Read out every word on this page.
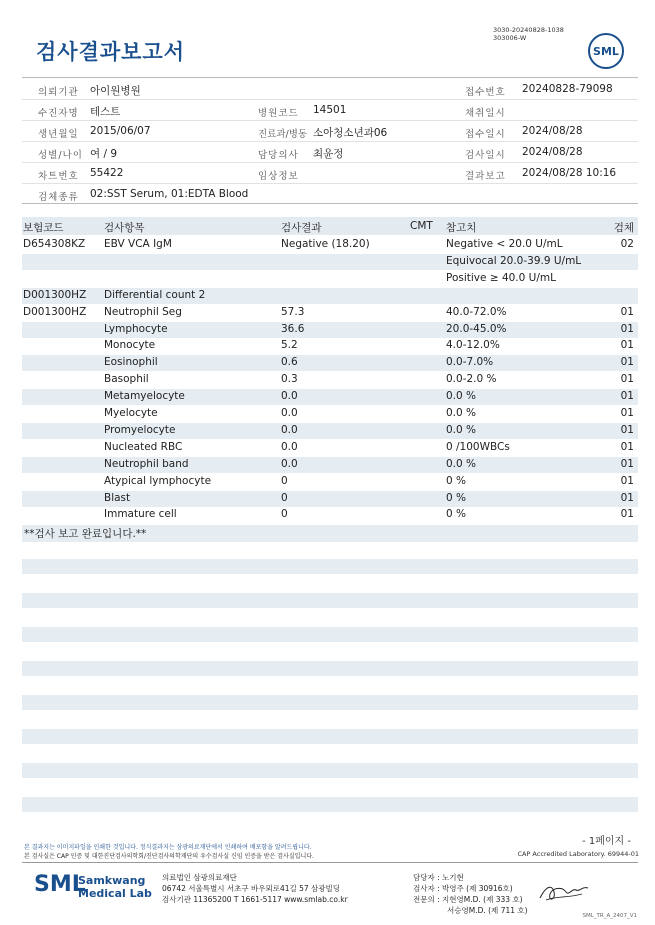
검사결과보고서
3030-20240828-1038
303006-W
SML
의뢰기관 아이원병원	접수번호 20240828-79098
수진자명 테스트	병원코드 14501	채취일시
생년월일 2015/06/07	진료과/병동 소아청소년과06	접수일시 2024/08/28
성별/나이 여 / 9	담당의사 최윤정	검사일시 2024/08/28
차트번호 55422	임상정보	결과보고 2024/08/28 10:16
검체종류 02:SST Serum, 01:EDTA Blood
보험코드	검사항목	검사결과	CMT 참고치	검체
D654308KZ EBV VCA IgM	Negative (18.20)	Negative < 20.0 U/mL	02
Equivocal 20.0-39.9 U/mL
Positive ≥ 40.0 U/mL
D001300HZ Differential count 2
D001300HZ Neutrophil Seg	57.3	40.0-72.0%	01
Lymphocyte	36.6	20.0-45.0%	01
Monocyte	5.2	4.0-12.0%	01
Eosinophil	0.6	0.0-7.0%	01
Basophil	0.3	0.0-2.0 %	01
Metamyelocyte	0.0	0.0 %	01
Myelocyte	0.0	0.0 %	01
Promyelocyte	0.0	0.0 %	01
Nucleated RBC	0.0	0 /100WBCs	01
Neutrophil band	0.0	0.0 %	01
Atypical lymphocyte	0	0 %	01
Blast	0	0 %	01
Immature cell	0	0 %	01
**검사 보고 완료입니다.**
본 결과지는 이미지파일을 인쇄한 것입니다. 정식결과지는 삼광의료재단에서 인쇄하여 배포함을 알려드립니다.
본 검사실은 CAP 인증 및 대한진단검사의학회/진단검사의학재단의 우수검사실 신임 인증을 받은 검사실입니다.
- 1페이지 -
CAP Accredited Laboratory. 69944-01
SML
Samkwang
Medical Lab
의료법인 삼광의료재단
06742 서울특별시 서초구 바우뫼로41길 57 삼광빌딩
검사기관 11365200 T 1661-5117 www.smlab.co.kr
담당자 : 노기현
검사자 : 박영주 (제 30916호)
전문의 : 지현영M.D. (제 333 호)
서승영M.D. (제 711 호)
SML_TR_A_2407_V1
